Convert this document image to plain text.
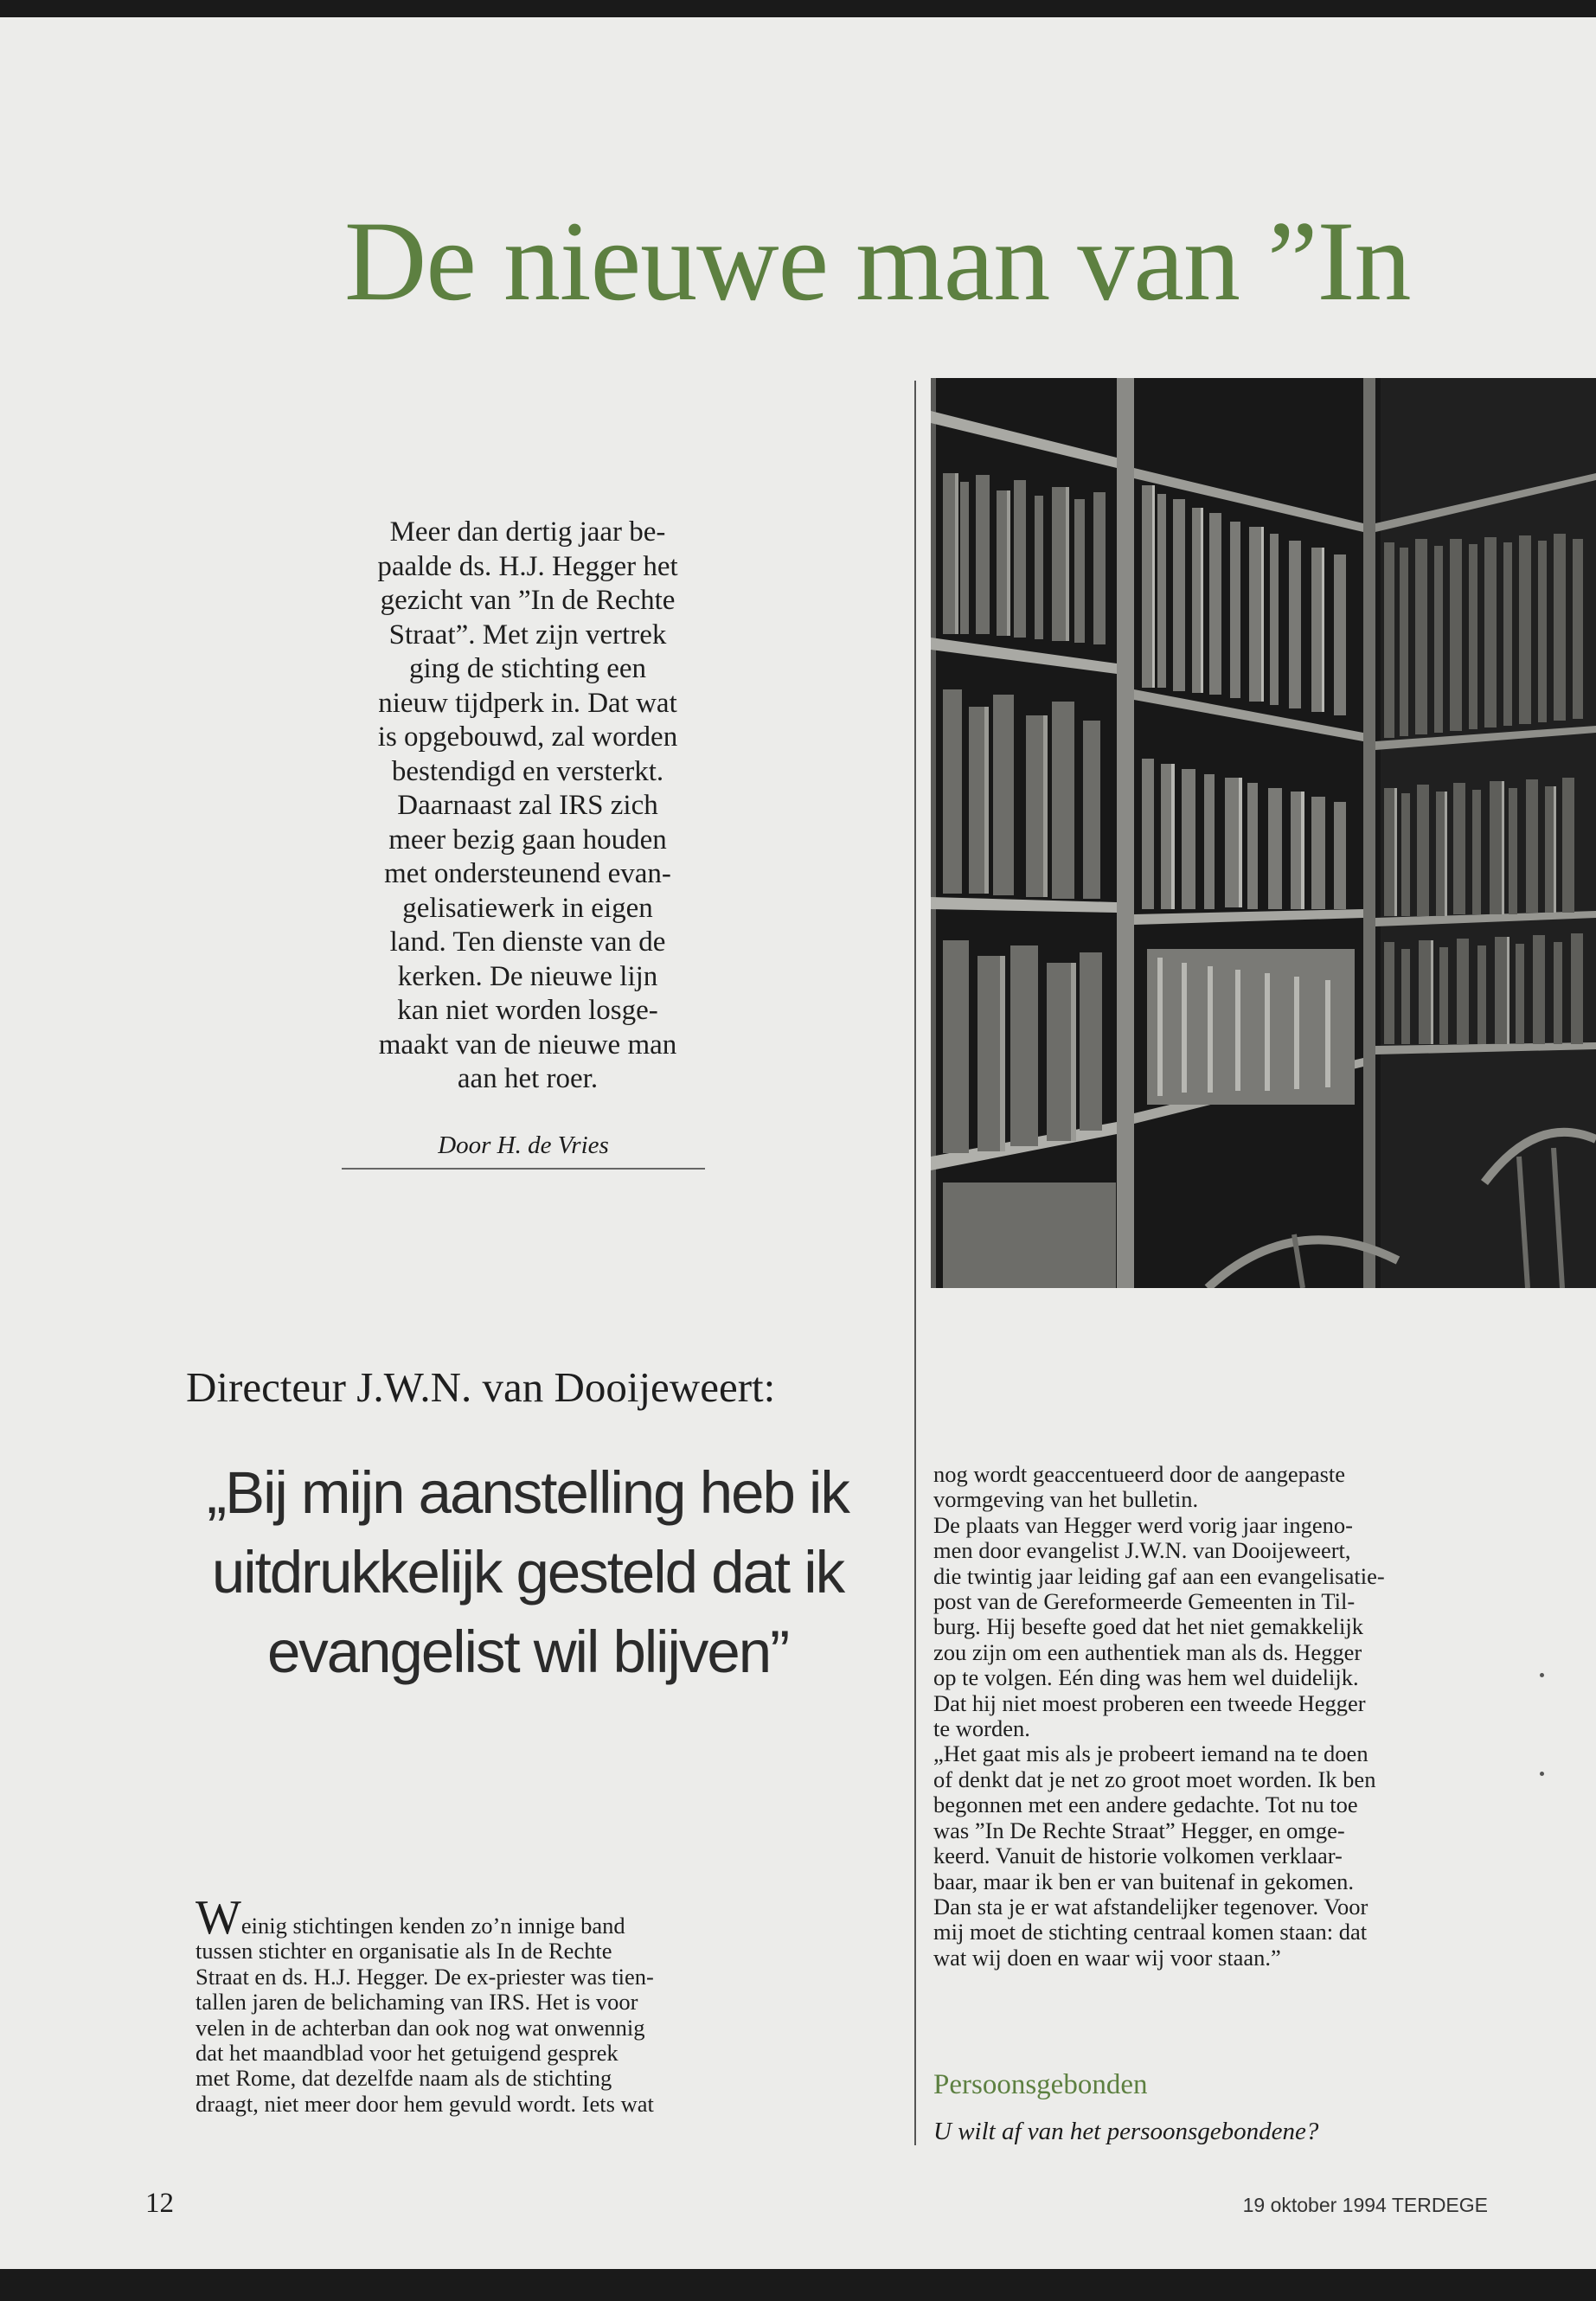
De nieuwe man van ”In

Meer dan dertig jaar be-

paalde ds. H.J. Hegger het

gezicht van ”In de Rechte

Straat”. Met zijn vertrek

ging de stichting een

nieuw tijdperk in. Dat wat

is opgebouwd, zal worden

bestendigd en versterkt.

Daarnaast zal IRS zich

meer bezig gaan houden

met ondersteunend evan-

gelisatiewerk in eigen

land. Ten dienste van de

kerken. De nieuwe lijn

kan niet worden losge-

maakt van de nieuwe man

aan het roer.

Door H. de Vries
Directeur J.W.N. van Dooijeweert:
„Bij mijn aanstelling heb ik
uitdrukkelijk gesteld dat ik
evangelist wil blijven”
Weinig stichtingen kenden zo’n innige band
tussen stichter en organisatie als In de Rechte
Straat en ds. H.J. Hegger. De ex-priester was tien-
tallen jaren de belichaming van IRS. Het is voor
velen in de achterban dan ook nog wat onwennig
dat het maandblad voor het getuigend gesprek
met Rome, dat dezelfde naam als de stichting
draagt, niet meer door hem gevuld wordt. Iets wat

nog wordt geaccentueerd door de aangepaste

vormgeving van het bulletin.

De plaats van Hegger werd vorig jaar ingeno-

men door evangelist J.W.N. van Dooijeweert,

die twintig jaar leiding gaf aan een evangelisatie-

post van de Gereformeerde Gemeenten in Til-

burg. Hij besefte goed dat het niet gemakkelijk

zou zijn om een authentiek man als ds. Hegger

op te volgen. Eén ding was hem wel duidelijk.

Dat hij niet moest proberen een tweede Hegger

te worden.

„Het gaat mis als je probeert iemand na te doen

of denkt dat je net zo groot moet worden. Ik ben

begonnen met een andere gedachte. Tot nu toe

was ”In De Rechte Straat” Hegger, en omge-

keerd. Vanuit de historie volkomen verklaar-

baar, maar ik ben er van buitenaf in gekomen.

Dan sta je er wat afstandelijker tegenover. Voor

mij moet de stichting centraal komen staan: dat

wat wij doen en waar wij voor staan.”

Persoonsgebonden
U wilt af van het persoonsgebondene?
12	19 oktober 1994 TERDEGE
